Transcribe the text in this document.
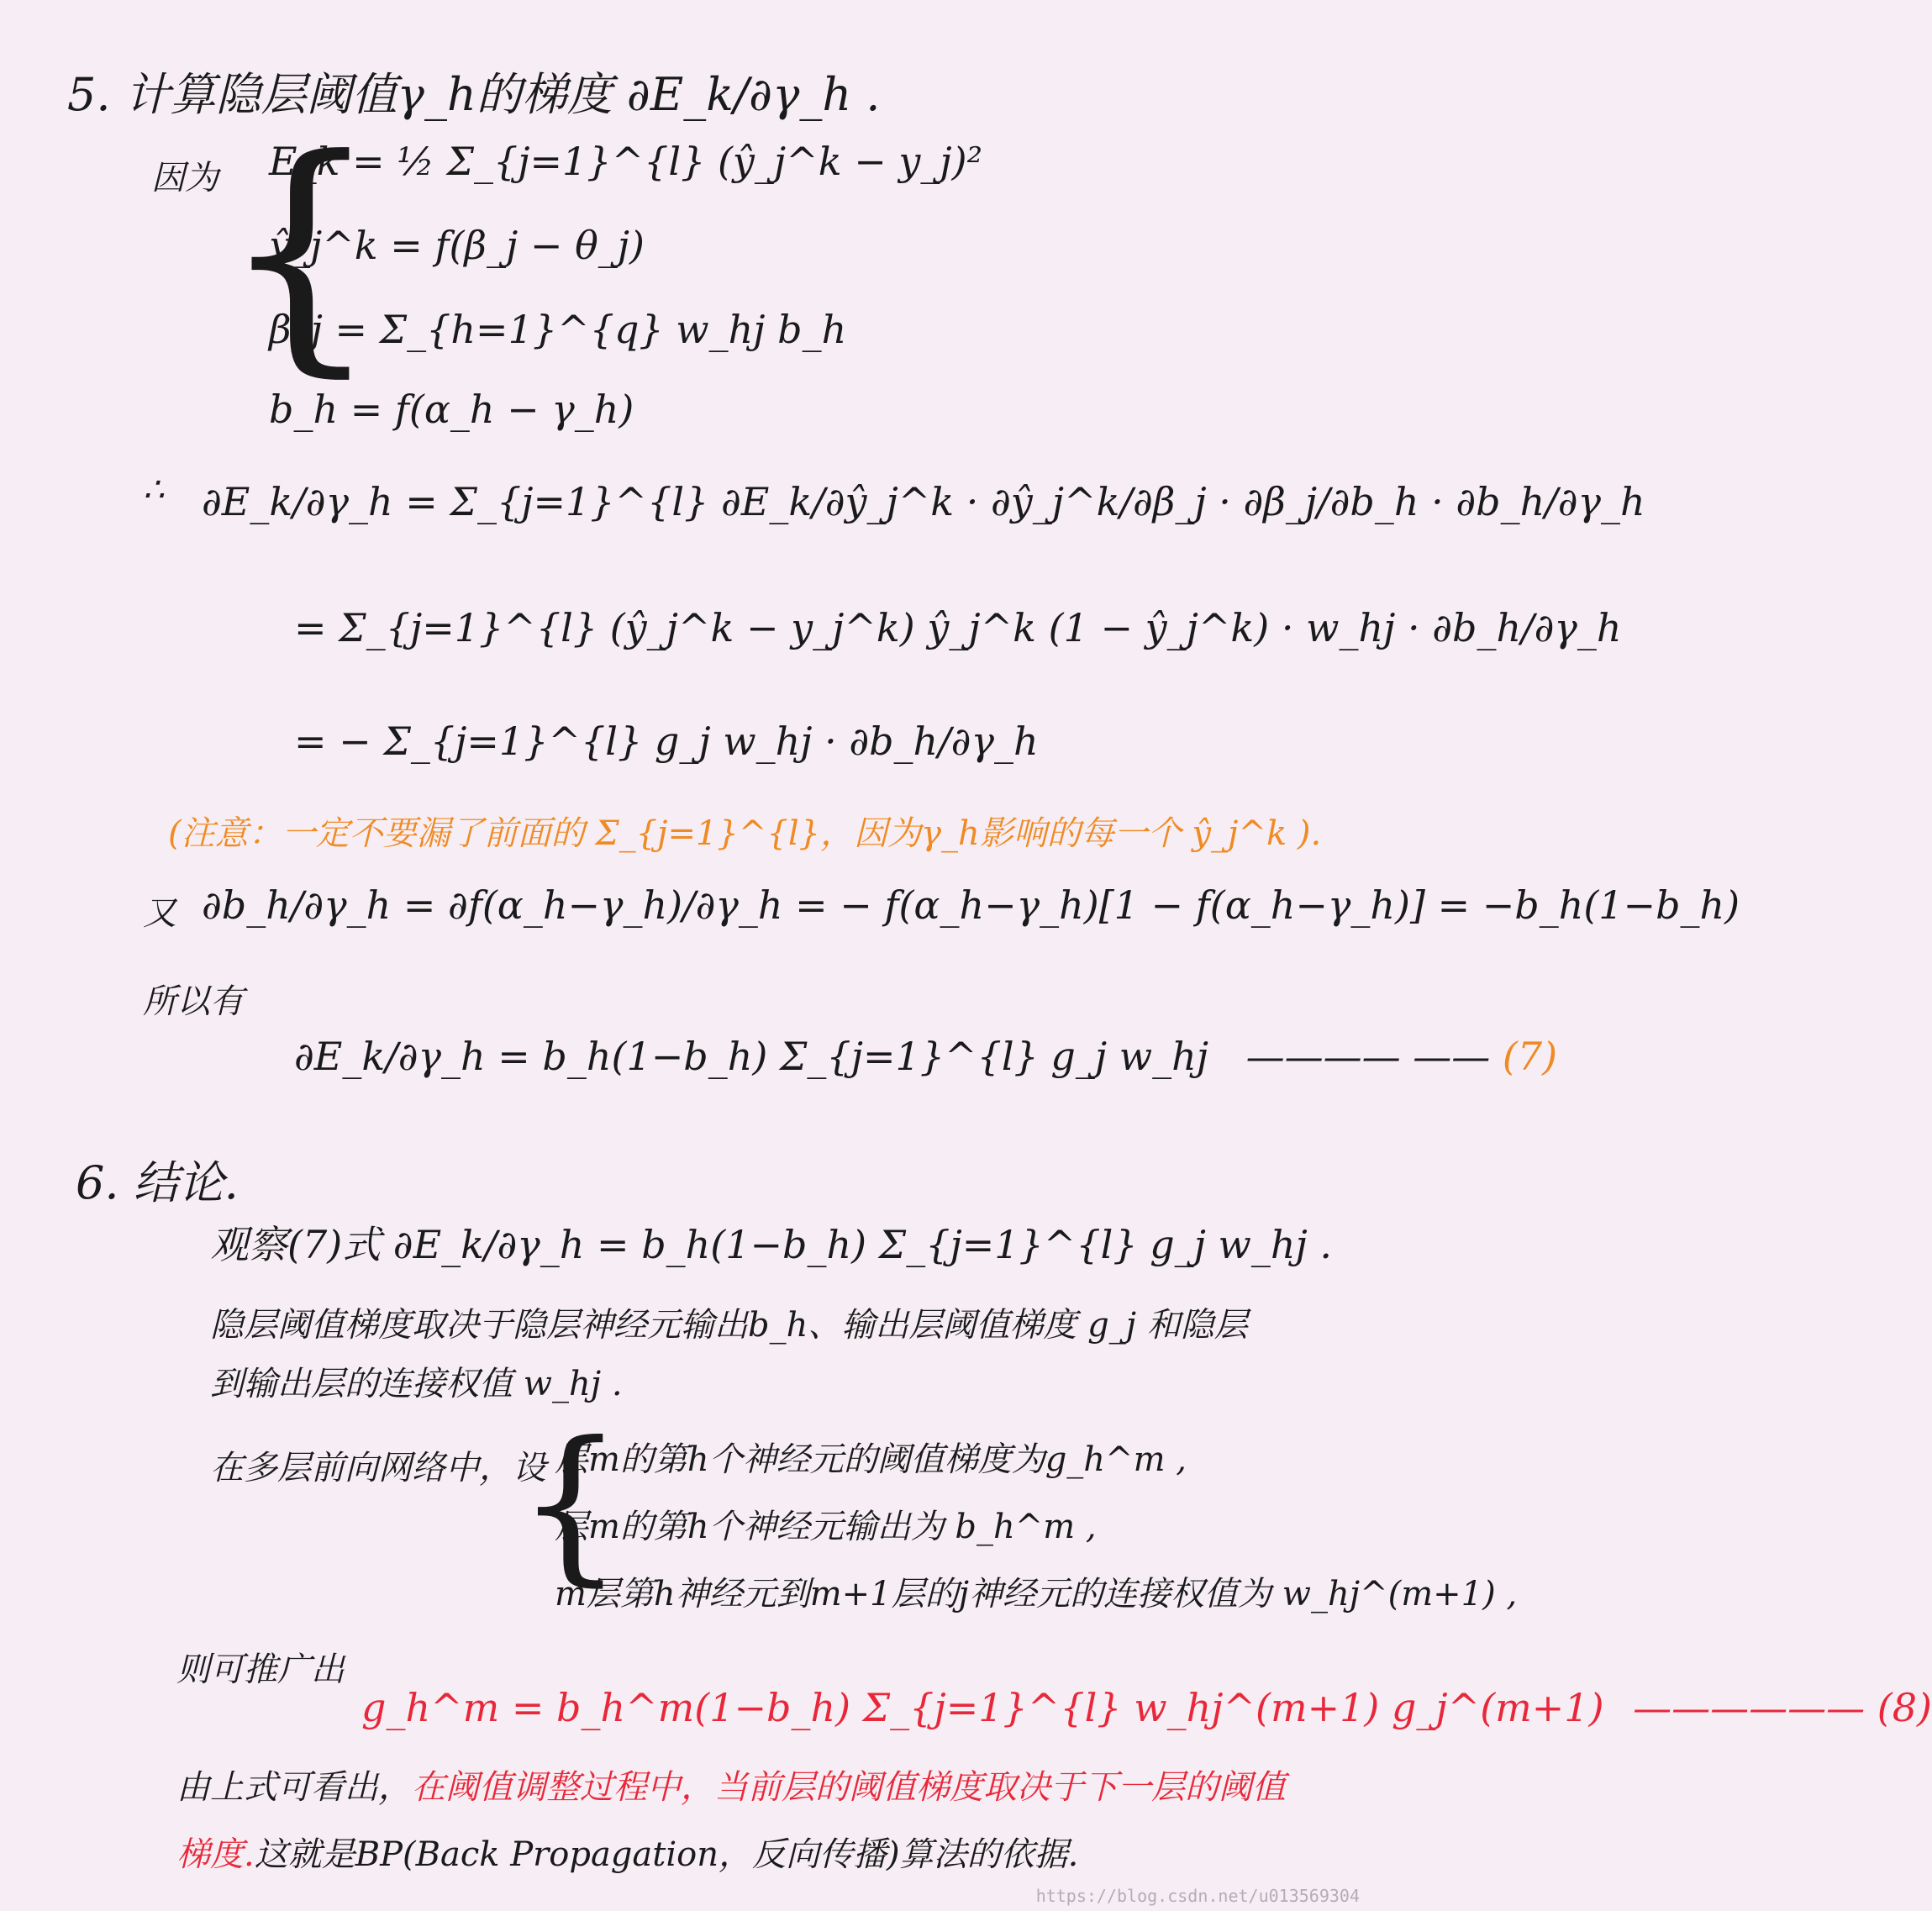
5. 计算隐层阈值γ_h的梯度 ∂E_k/∂γ_h .
因为 {
E_k = ½ Σ_{j=1}^{l} (ŷ_j^k − y_j)²
ŷ_j^k = f(β_j − θ_j)
β_j = Σ_{h=1}^{q} w_hj b_h
b_h = f(α_h − γ_h)
∴ ∂E_k/∂γ_h = Σ_{j=1}^{l} ∂E_k/∂ŷ_j^k · ∂ŷ_j^k/∂β_j · ∂β_j/∂b_h · ∂b_h/∂γ_h
= Σ_{j=1}^{l} (ŷ_j^k − y_j^k) ŷ_j^k (1 − ŷ_j^k) · w_hj · ∂b_h/∂γ_h
= − Σ_{j=1}^{l} g_j w_hj · ∂b_h/∂γ_h
(注意：一定不要漏了前面的 Σ_{j=1}^{l}，因为γ_h影响的每一个 ŷ_j^k ).
又 ∂b_h/∂γ_h = ∂f(α_h−γ_h)/∂γ_h = − f(α_h−γ_h)[1 − f(α_h−γ_h)] = −b_h(1−b_h)
所以有
∂E_k/∂γ_h = b_h(1−b_h) Σ_{j=1}^{l} g_j w_hj ———— —— (7)
6. 结论.
观察(7)式 ∂E_k/∂γ_h = b_h(1−b_h) Σ_{j=1}^{l} g_j w_hj .
隐层阈值梯度取决于隐层神经元输出b_h、输出层阈值梯度 g_j 和隐层
到输出层的连接权值 w_hj .
在多层前向网络中，设
{
层m的第h个神经元的阈值梯度为g_h^m ,
层m的第h个神经元输出为 b_h^m ,
m层第h神经元到m+1层的j神经元的连接权值为 w_hj^(m+1) ,
则可推广出
g_h^m = b_h^m(1−b_h) Σ_{j=1}^{l} w_hj^(m+1) g_j^(m+1) —————— (8)
由上式可看出，在阈值调整过程中，当前层的阈值梯度取决于下一层的阈值
梯度.这就是BP(Back Propagation，反向传播)算法的依据.
https://blog.csdn.net/u013569304
